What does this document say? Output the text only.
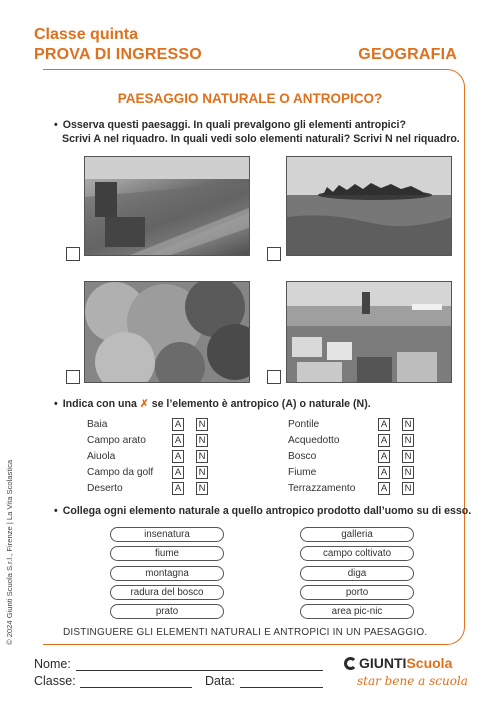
Classe quinta
PROVA DI INGRESSO	GEOGRAFIA
PAESAGGIO NATURALE O ANTROPICO?
• Osserva questi paesaggi. In quali prevalgono gli elementi antropici?
Scrivi A nel riquadro. In quali vedi solo elementi naturali? Scrivi N nel riquadro.
• Indica con una ✗ se l’elemento è antropico (A) o naturale (N).
Baia
Campo arato
Aiuola
Campo da golf
Deserto
A N
A N
A N
A N
A N
Pontile
Acquedotto
Bosco
Fiume
Terrazzamento
A N
A N
A N
A N
A N
• Collega ogni elemento naturale a quello antropico prodotto dall’uomo su di esso.
insenatura
fiume
montagna
radura del bosco
prato
galleria
campo coltivato
diga
porto
area pic-nic
DISTINGUERE GLI ELEMENTI NATURALI E ANTROPICI IN UN PAESAGGIO.
© 2024 Giunti Scuola S.r.l., Firenze | La Vita Scolastica
Nome:
Classe:	Data:
GIUNTIScuola
star bene a scuola
